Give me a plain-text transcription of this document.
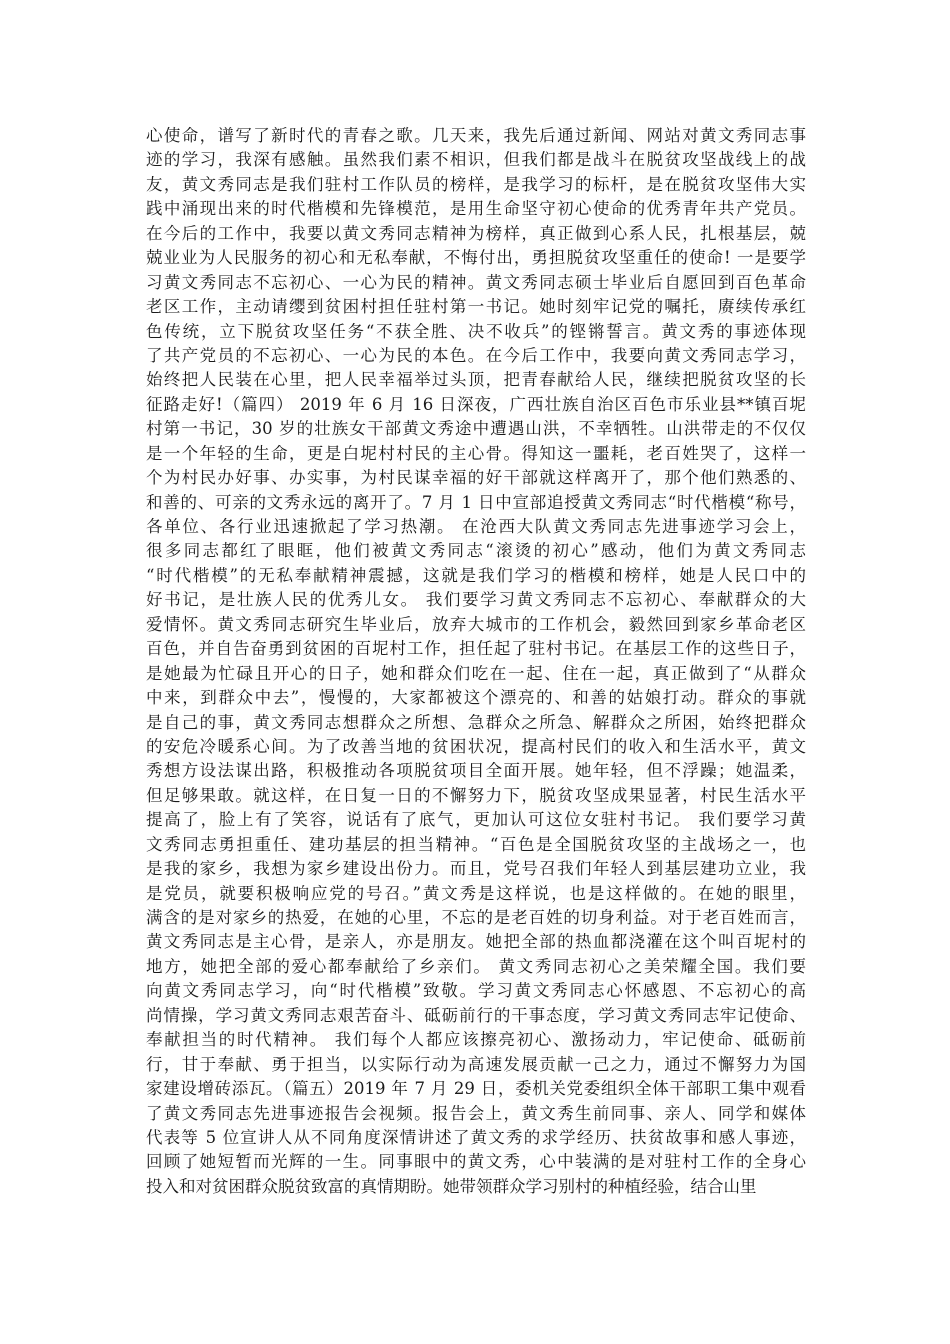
心使命，谱写了新时代的青春之歌。几天来，我先后通过新闻、网站对黄文秀同志事
迹的学习，我深有感触。虽然我们素不相识，但我们都是战斗在脱贫攻坚战线上的战
友，黄文秀同志是我们驻村工作队员的榜样，是我学习的标杆，是在脱贫攻坚伟大实
践中涌现出来的时代楷模和先锋模范，是用生命坚守初心使命的优秀青年共产党员。
在今后的工作中，我要以黄文秀同志精神为榜样，真正做到心系人民，扎根基层，兢
兢业业为人民服务的初心和无私奉献，不悔付出，勇担脱贫攻坚重任的使命! 一是要学
习黄文秀同志不忘初心、一心为民的精神。黄文秀同志硕士毕业后自愿回到百色革命
老区工作，主动请缨到贫困村担任驻村第一书记。她时刻牢记党的嘱托，赓续传承红
色传统，立下脱贫攻坚任务“不获全胜、决不收兵”的铿锵誓言。黄文秀的事迹体现
了共产党员的不忘初心、一心为民的本色。在今后工作中，我要向黄文秀同志学习，
始终把人民装在心里，把人民幸福举过头顶，把青春献给人民，继续把脱贫攻坚的长
征路走好!（篇四） 2019 年 6 月 16 日深夜，广西壮族自治区百色市乐业县**镇百坭
村第一书记，30 岁的壮族女干部黄文秀途中遭遇山洪，不幸牺牲。山洪带走的不仅仅
是一个年轻的生命，更是白坭村村民的主心骨。得知这一噩耗，老百姓哭了，这样一
个为村民办好事、办实事，为村民谋幸福的好干部就这样离开了，那个他们熟悉的、
和善的、可亲的文秀永远的离开了。7 月 1 日中宣部追授黄文秀同志“时代楷模“称号，
各单位、各行业迅速掀起了学习热潮。 在沧西大队黄文秀同志先进事迹学习会上，
很多同志都红了眼眶，他们被黄文秀同志“滚烫的初心”感动，他们为黄文秀同志
“时代楷模”的无私奉献精神震撼，这就是我们学习的楷模和榜样，她是人民口中的
好书记，是壮族人民的优秀儿女。 我们要学习黄文秀同志不忘初心、奉献群众的大
爱情怀。黄文秀同志研究生毕业后，放弃大城市的工作机会，毅然回到家乡革命老区
百色，并自告奋勇到贫困的百坭村工作，担任起了驻村书记。在基层工作的这些日子，
是她最为忙碌且开心的日子，她和群众们吃在一起、住在一起，真正做到了“从群众
中来，到群众中去”，慢慢的，大家都被这个漂亮的、和善的姑娘打动。群众的事就
是自己的事，黄文秀同志想群众之所想、急群众之所急、解群众之所困，始终把群众
的安危冷暖系心间。为了改善当地的贫困状况，提高村民们的收入和生活水平，黄文
秀想方设法谋出路，积极推动各项脱贫项目全面开展。她年轻，但不浮躁；她温柔，
但足够果敢。就这样，在日复一日的不懈努力下，脱贫攻坚成果显著，村民生活水平
提高了，脸上有了笑容，说话有了底气，更加认可这位女驻村书记。 我们要学习黄
文秀同志勇担重任、建功基层的担当精神。“百色是全国脱贫攻坚的主战场之一，也
是我的家乡，我想为家乡建设出份力。而且，党号召我们年轻人到基层建功立业，我
是党员，就要积极响应党的号召。”黄文秀是这样说，也是这样做的。在她的眼里，
满含的是对家乡的热爱，在她的心里，不忘的是老百姓的切身利益。对于老百姓而言，
黄文秀同志是主心骨，是亲人，亦是朋友。她把全部的热血都浇灌在这个叫百坭村的
地方，她把全部的爱心都奉献给了乡亲们。 黄文秀同志初心之美荣耀全国。我们要
向黄文秀同志学习，向“时代楷模”致敬。学习黄文秀同志心怀感恩、不忘初心的高
尚情操，学习黄文秀同志艰苦奋斗、砥砺前行的干事态度，学习黄文秀同志牢记使命、
奉献担当的时代精神。 我们每个人都应该擦亮初心、激扬动力，牢记使命、砥砺前
行，甘于奉献、勇于担当，以实际行动为高速发展贡献一己之力，通过不懈努力为国
家建设增砖添瓦。（篇五）2019 年 7 月 29 日，委机关党委组织全体干部职工集中观看
了黄文秀同志先进事迹报告会视频。报告会上，黄文秀生前同事、亲人、同学和媒体
代表等 5 位宣讲人从不同角度深情讲述了黄文秀的求学经历、扶贫故事和感人事迹，
回顾了她短暂而光辉的一生。同事眼中的黄文秀，心中装满的是对驻村工作的全身心
投入和对贫困群众脱贫致富的真情期盼。她带领群众学习别村的种植经验，结合山里
